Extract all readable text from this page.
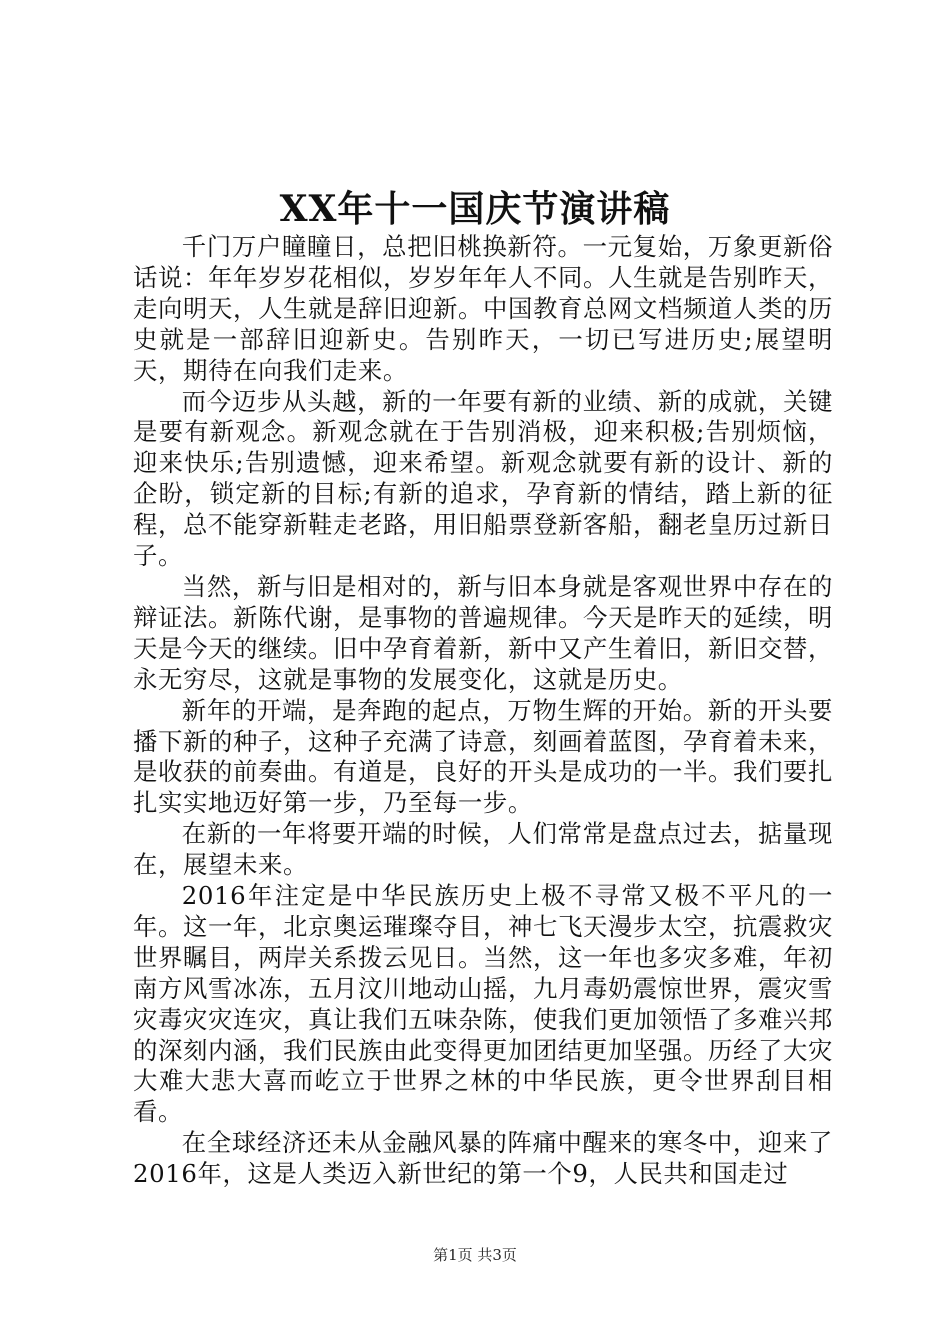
XX年十一国庆节演讲稿

千门万户瞳瞳日，总把旧桃换新符。一元复始，万象更新俗话说：年年岁岁花相似，岁岁年年人不同。人生就是告别昨天，走向明天，人生就是辞旧迎新。中国教育总网文档频道人类的历史就是一部辞旧迎新史。告别昨天，一切已写进历史;展望明天，期待在向我们走来。

而今迈步从头越，新的一年要有新的业绩、新的成就，关键是要有新观念。新观念就在于告别消极，迎来积极;告别烦恼，迎来快乐;告别遗憾，迎来希望。新观念就要有新的设计、新的企盼，锁定新的目标;有新的追求，孕育新的情结，踏上新的征程，总不能穿新鞋走老路，用旧船票登新客船，翻老皇历过新日子。

当然，新与旧是相对的，新与旧本身就是客观世界中存在的辩证法。新陈代谢，是事物的普遍规律。今天是昨天的延续，明天是今天的继续。旧中孕育着新，新中又产生着旧，新旧交替，永无穷尽，这就是事物的发展变化，这就是历史。

新年的开端，是奔跑的起点，万物生辉的开始。新的开头要播下新的种子，这种子充满了诗意，刻画着蓝图，孕育着未来，是收获的前奏曲。有道是，良好的开头是成功的一半。我们要扎扎实实地迈好第一步，乃至每一步。

在新的一年将要开端的时候，人们常常是盘点过去，掂量现在，展望未来。

2016年注定是中华民族历史上极不寻常又极不平凡的一年。这一年，北京奥运璀璨夺目，神七飞天漫步太空，抗震救灾世界瞩目，两岸关系拨云见日。当然，这一年也多灾多难，年初南方风雪冰冻，五月汶川地动山摇，九月毒奶震惊世界，震灾雪灾毒灾灾连灾，真让我们五味杂陈，使我们更加领悟了多难兴邦的深刻内涵，我们民族由此变得更加团结更加坚强。历经了大灾大难大悲大喜而屹立于世界之林的中华民族，更令世界刮目相看。

在全球经济还未从金融风暴的阵痛中醒来的寒冬中，迎来了2016年，这是人类迈入新世纪的第一个9，人民共和国走过

第1页 共3页
